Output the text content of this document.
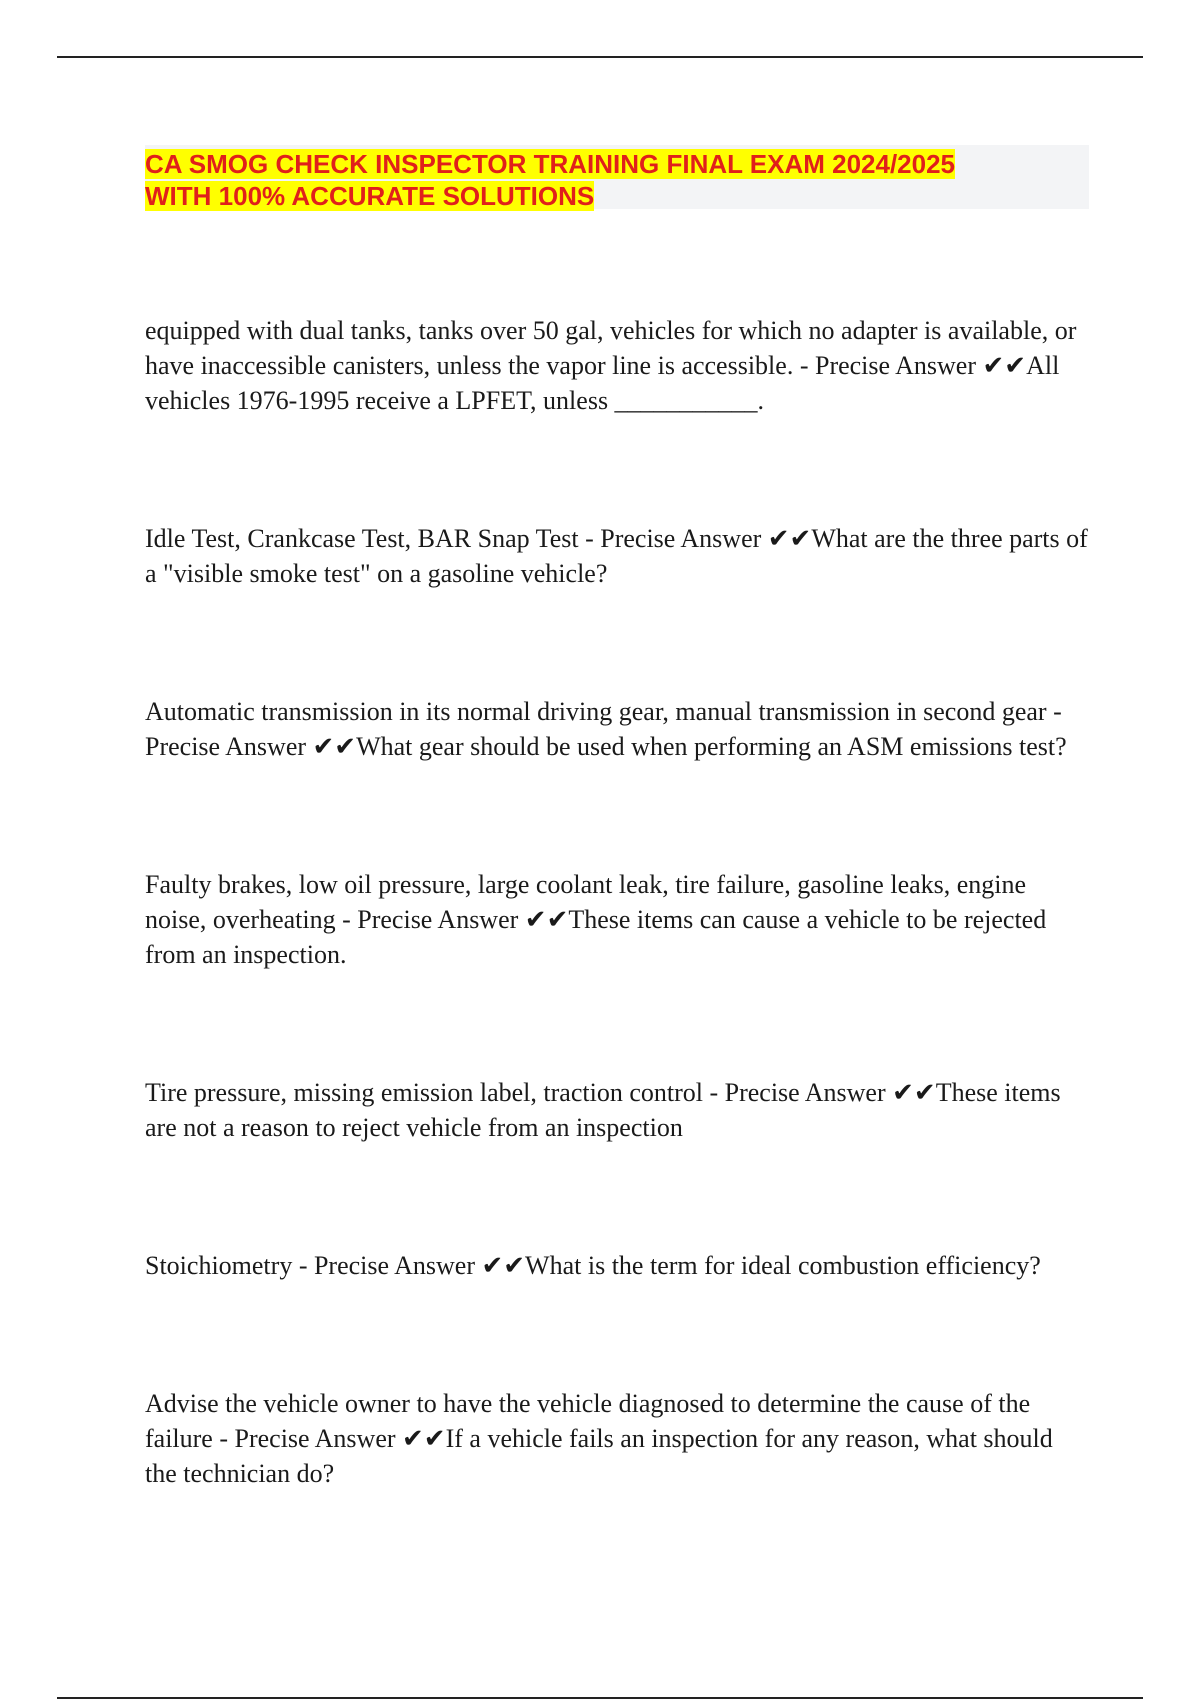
CA SMOG CHECK INSPECTOR TRAINING FINAL EXAM 2024/2025
WITH 100% ACCURATE SOLUTIONS

equipped with dual tanks, tanks over 50 gal, vehicles for which no adapter is available, or have inaccessible canisters, unless the vapor line is accessible. - Precise Answer ✔✔All vehicles 1976-1995 receive a LPFET, unless ___________.

Idle Test, Crankcase Test, BAR Snap Test - Precise Answer ✔✔What are the three parts of a "visible smoke test" on a gasoline vehicle?

Automatic transmission in its normal driving gear, manual transmission in second gear - Precise Answer ✔✔What gear should be used when performing an ASM emissions test?

Faulty brakes, low oil pressure, large coolant leak, tire failure, gasoline leaks, engine noise, overheating - Precise Answer ✔✔These items can cause a vehicle to be rejected from an inspection.

Tire pressure, missing emission label, traction control - Precise Answer ✔✔These items are not a reason to reject vehicle from an inspection

Stoichiometry - Precise Answer ✔✔What is the term for ideal combustion efficiency?

Advise the vehicle owner to have the vehicle diagnosed to determine the cause of the failure - Precise Answer ✔✔If a vehicle fails an inspection for any reason, what should the technician do?
